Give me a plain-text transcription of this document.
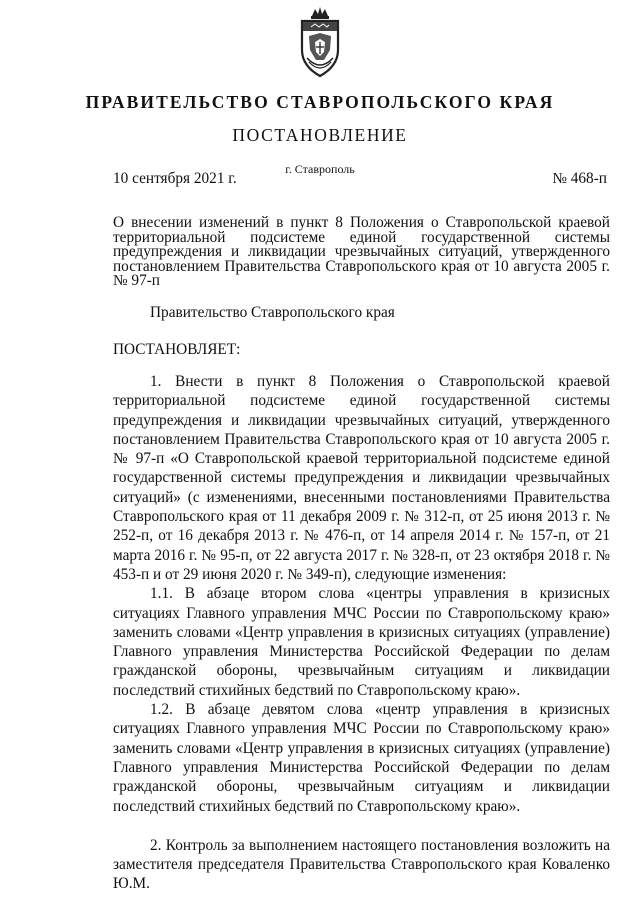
ПРАВИТЕЛЬСТВО СТАВРОПОЛЬСКОГО КРАЯ
ПОСТАНОВЛЕНИЕ
10 сентября 2021 г.
г. Ставрополь
№ 468-п
О внесении изменений в пункт 8 Положения о Ставропольской краевой территориальной подсистеме единой государственной системы предупреждения и ликвидации чрезвычайных ситуаций, утвержденного постановлением Правительства Ставропольского края от 10 августа 2005 г. № 97-п
Правительство Ставропольского края
ПОСТАНОВЛЯЕТ:

1. Внести в пункт 8 Положения о Ставропольской краевой территориальной подсистеме единой государственной системы предупреждения и ликвидации чрезвычайных ситуаций, утвержденного постановлением Правительства Ставропольского края от 10 августа 2005 г. № 97-п «О Ставропольской краевой территориальной подсистеме единой государственной системы предупреждения и ликвидации чрезвычайных ситуаций» (с изменениями, внесенными постановлениями Правительства Ставропольского края от 11 декабря 2009 г. № 312-п, от 25 июня 2013 г. № 252-п, от 16 декабря 2013 г. № 476-п, от 14 апреля 2014 г. № 157-п, от 21 марта 2016 г. № 95-п, от 22 августа 2017 г. № 328-п, от 23 октября 2018 г. № 453-п и от 29 июня 2020 г. № 349-п), следующие изменения:

1.1. В абзаце втором слова «центры управления в кризисных ситуациях Главного управления МЧС России по Ставропольскому краю» заменить словами «Центр управления в кризисных ситуациях (управление) Главного управления Министерства Российской Федерации по делам гражданской обороны, чрезвычайным ситуациям и ликвидации последствий стихийных бедствий по Ставропольскому краю».

1.2. В абзаце девятом слова «центр управления в кризисных ситуациях Главного управления МЧС России по Ставропольскому краю» заменить словами «Центр управления в кризисных ситуациях (управление) Главного управления Министерства Российской Федерации по делам гражданской обороны, чрезвычайным ситуациям и ликвидации последствий стихийных бедствий по Ставропольскому краю».

2. Контроль за выполнением настоящего постановления возложить на заместителя председателя Правительства Ставропольского края Коваленко Ю.М.
